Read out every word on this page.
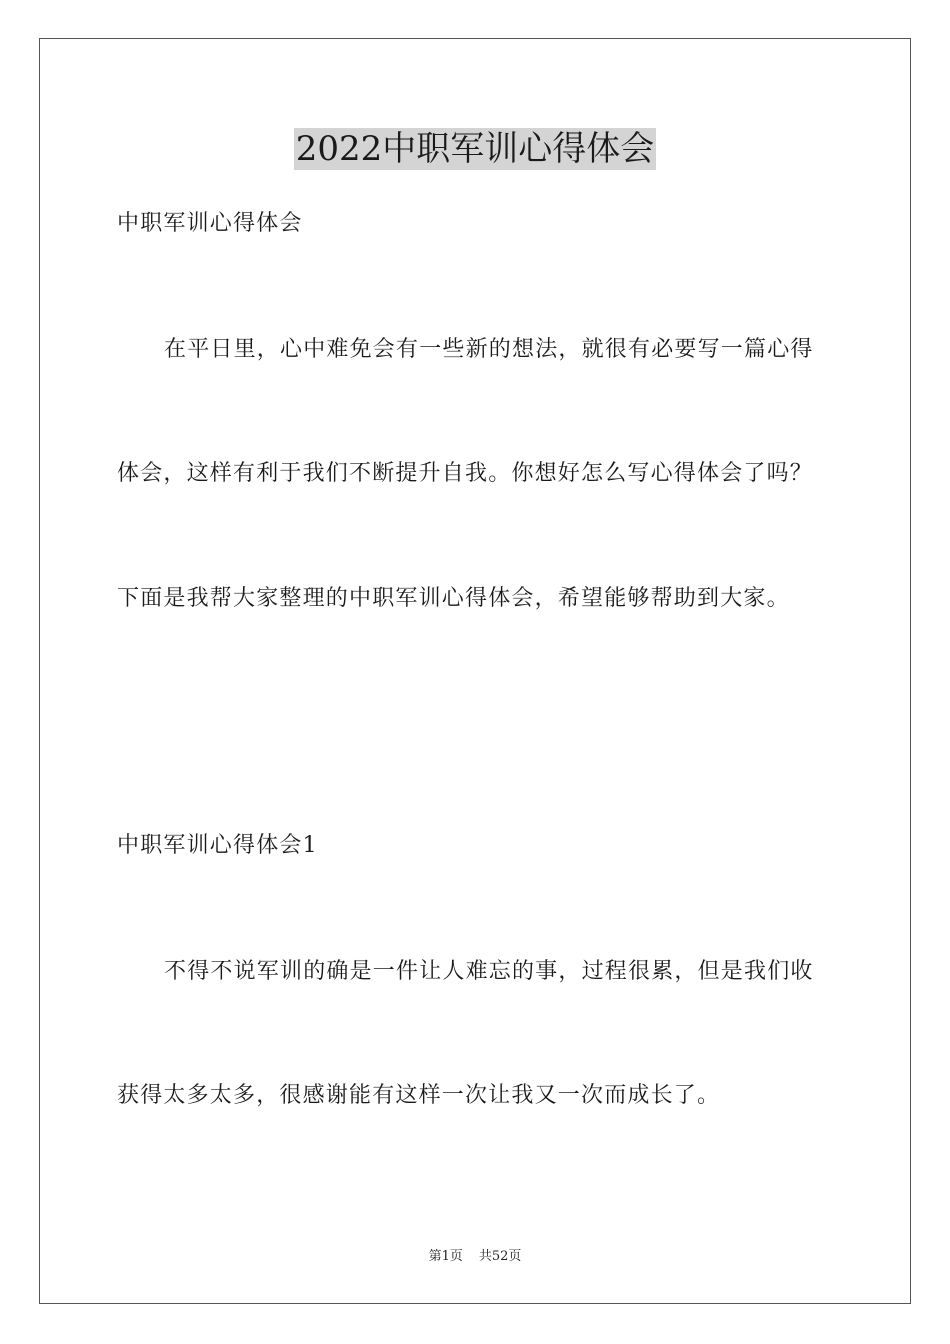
2022中职军训心得体会

中职军训心得体会

在平日里，心中难免会有一些新的想法，就很有必要写一篇心得

体会，这样有利于我们不断提升自我。你想好怎么写心得体会了吗？

下面是我帮大家整理的中职军训心得体会，希望能够帮助到大家。

中职军训心得体会1

不得不说军训的确是一件让人难忘的事，过程很累，但是我们收

获得太多太多，很感谢能有这样一次让我又一次而成长了。

第1页 共52页
